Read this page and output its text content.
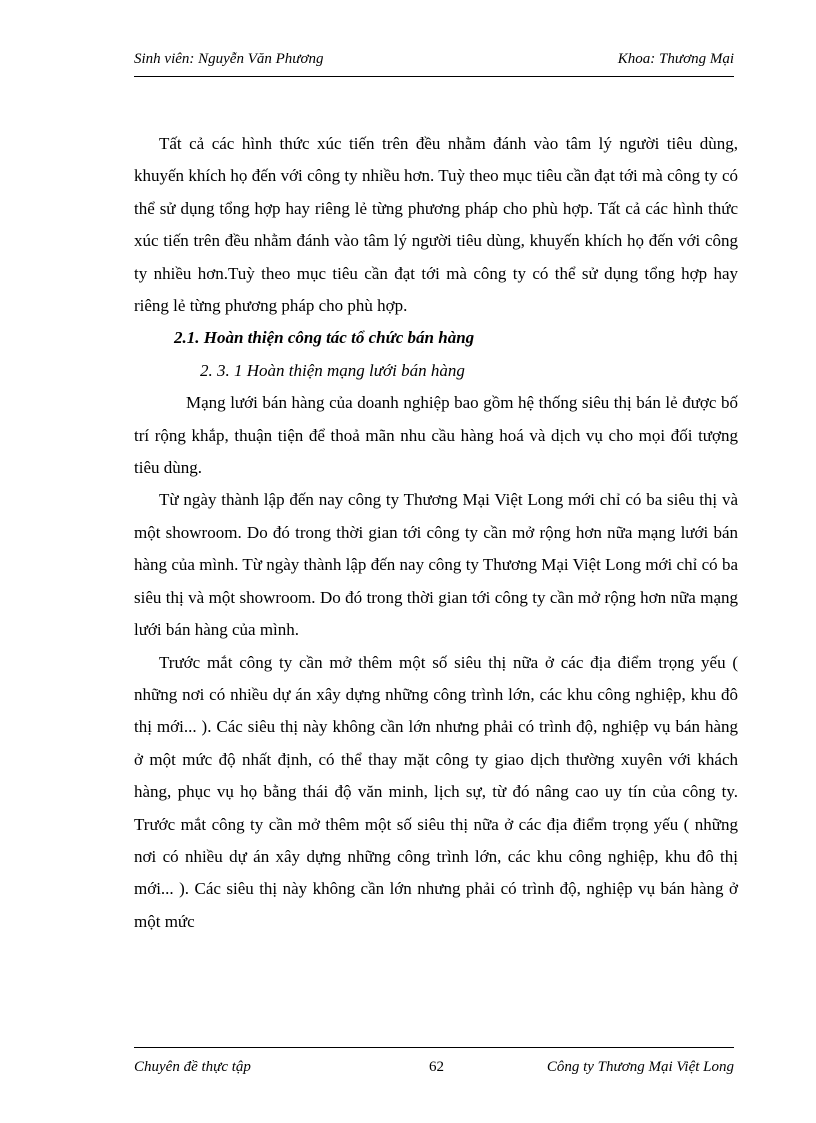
Sinh viên: Nguyễn Văn Phương	Khoa: Thương Mại

Tất cả các hình thức xúc tiến trên đều nhằm đánh vào tâm lý người tiêu dùng, khuyến khích họ đến với công ty nhiều hơn. Tuỳ theo mục tiêu cần đạt tới mà công ty có thể sử dụng tổng hợp hay riêng lẻ từng phương pháp cho phù hợp. Tất cả các hình thức xúc tiến trên đều nhằm đánh vào tâm lý người tiêu dùng, khuyến khích họ đến với công ty nhiều hơn.Tuỳ theo mục tiêu cần đạt tới mà công ty có thể sử dụng tổng hợp hay riêng lẻ từng phương pháp cho phù hợp.

2.1. Hoàn thiện công tác tổ chức bán hàng

2. 3. 1 Hoàn thiện mạng lưới bán hàng

Mạng lưới bán hàng của doanh nghiệp bao gồm hệ thống siêu thị bán lẻ được bố trí rộng khắp, thuận tiện để thoả mãn nhu cầu hàng hoá và dịch vụ cho mọi đối tượng tiêu dùng.

Từ ngày thành lập đến nay công ty Thương Mại Việt Long mới chỉ có ba siêu thị và một showroom. Do đó trong thời gian tới công ty cần mở rộng hơn nữa mạng lưới bán hàng của mình. Từ ngày thành lập đến nay công ty Thương Mại Việt Long mới chỉ có ba siêu thị và một showroom. Do đó trong thời gian tới công ty cần mở rộng hơn nữa mạng lưới bán hàng của mình.

Trước mắt công ty cần mở thêm một số siêu thị nữa ở các địa điểm trọng yếu ( những nơi có nhiều dự án xây dựng những công trình lớn, các khu công nghiệp, khu đô thị mới... ). Các siêu thị này không cần lớn nhưng phải có trình độ, nghiệp vụ bán hàng ở một mức độ nhất định, có thể thay mặt công ty giao dịch thường xuyên với khách hàng, phục vụ họ bằng thái độ văn minh, lịch sự, từ đó nâng cao uy tín của công ty. Trước mắt công ty cần mở thêm một số siêu thị nữa ở các địa điểm trọng yếu ( những nơi có nhiều dự án xây dựng những công trình lớn, các khu công nghiệp, khu đô thị mới... ). Các siêu thị này không cần lớn nhưng phải có trình độ, nghiệp vụ bán hàng ở một mức

Chuyên đề thực tập	62	Công ty Thương Mại Việt Long
